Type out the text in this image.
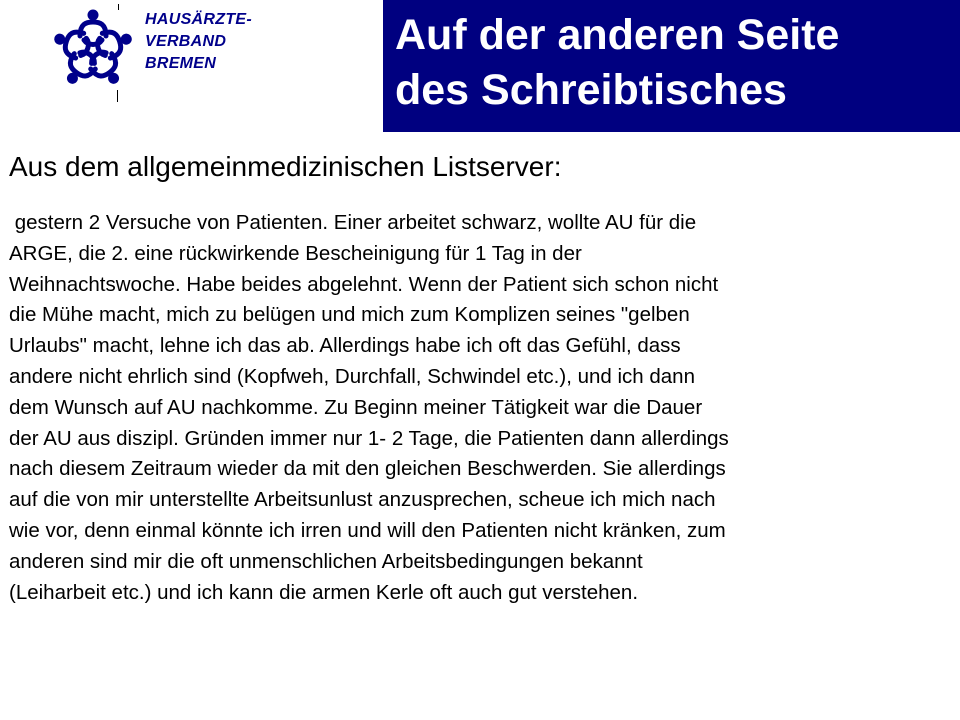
HAUSÄRZTE-
VERBAND
BREMEN
Auf der anderen Seite
des Schreibtisches
Aus dem allgemeinmedizinischen Listserver:
gestern 2 Versuche von Patienten. Einer arbeitet schwarz, wollte AU für die
ARGE, die 2. eine rückwirkende Bescheinigung für 1 Tag in der
Weihnachtswoche. Habe beides abgelehnt. Wenn der Patient sich schon nicht
die Mühe macht, mich zu belügen und mich zum Komplizen seines "gelben
Urlaubs" macht, lehne ich das ab. Allerdings habe ich oft das Gefühl, dass
andere nicht ehrlich sind (Kopfweh, Durchfall, Schwindel etc.), und ich dann
dem Wunsch auf AU nachkomme. Zu Beginn meiner Tätigkeit war die Dauer
der AU aus diszipl. Gründen immer nur 1- 2 Tage, die Patienten dann allerdings
nach diesem Zeitraum wieder da mit den gleichen Beschwerden. Sie allerdings
auf die von mir unterstellte Arbeitsunlust anzusprechen, scheue ich mich nach
wie vor, denn einmal könnte ich irren und will den Patienten nicht kränken, zum
anderen sind mir die oft unmenschlichen Arbeitsbedingungen bekannt
(Leiharbeit etc.) und ich kann die armen Kerle oft auch gut verstehen.
